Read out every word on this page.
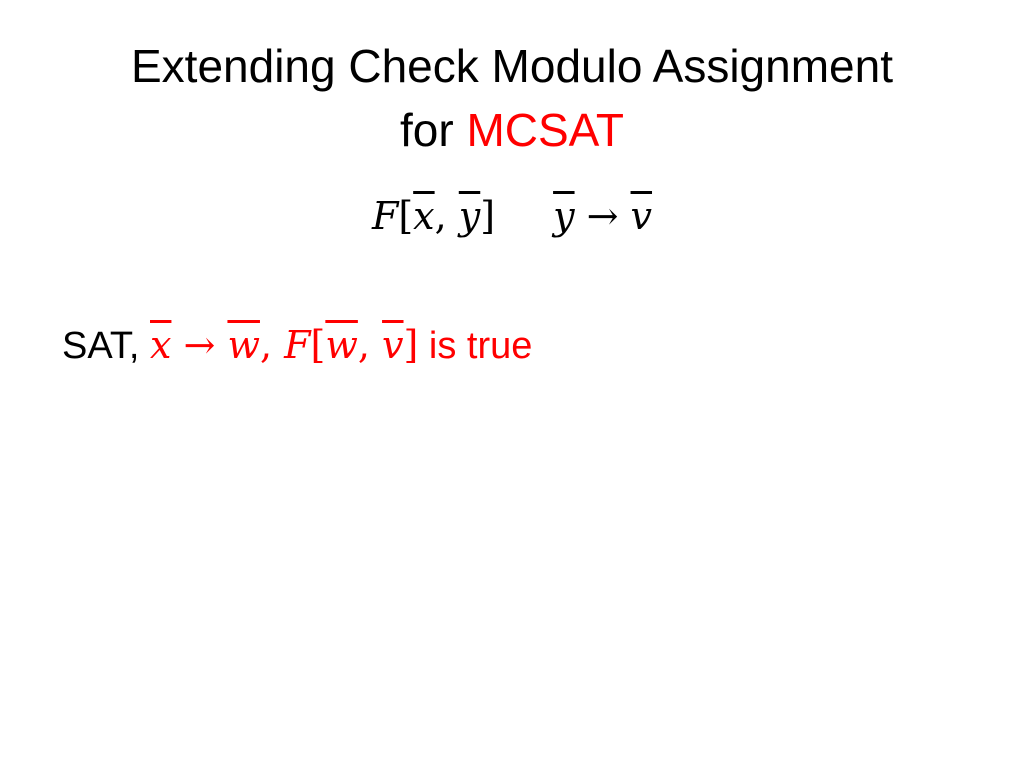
Extending Check Modulo Assignment
for MCSAT
$F[\overline{x}$, $\overline{y}$] $\overline{y} \to \overline{v}$
SAT, $\overline{x} \to \overline{w}$, $F[\overline{w}$, $\overline{v}$] is true
